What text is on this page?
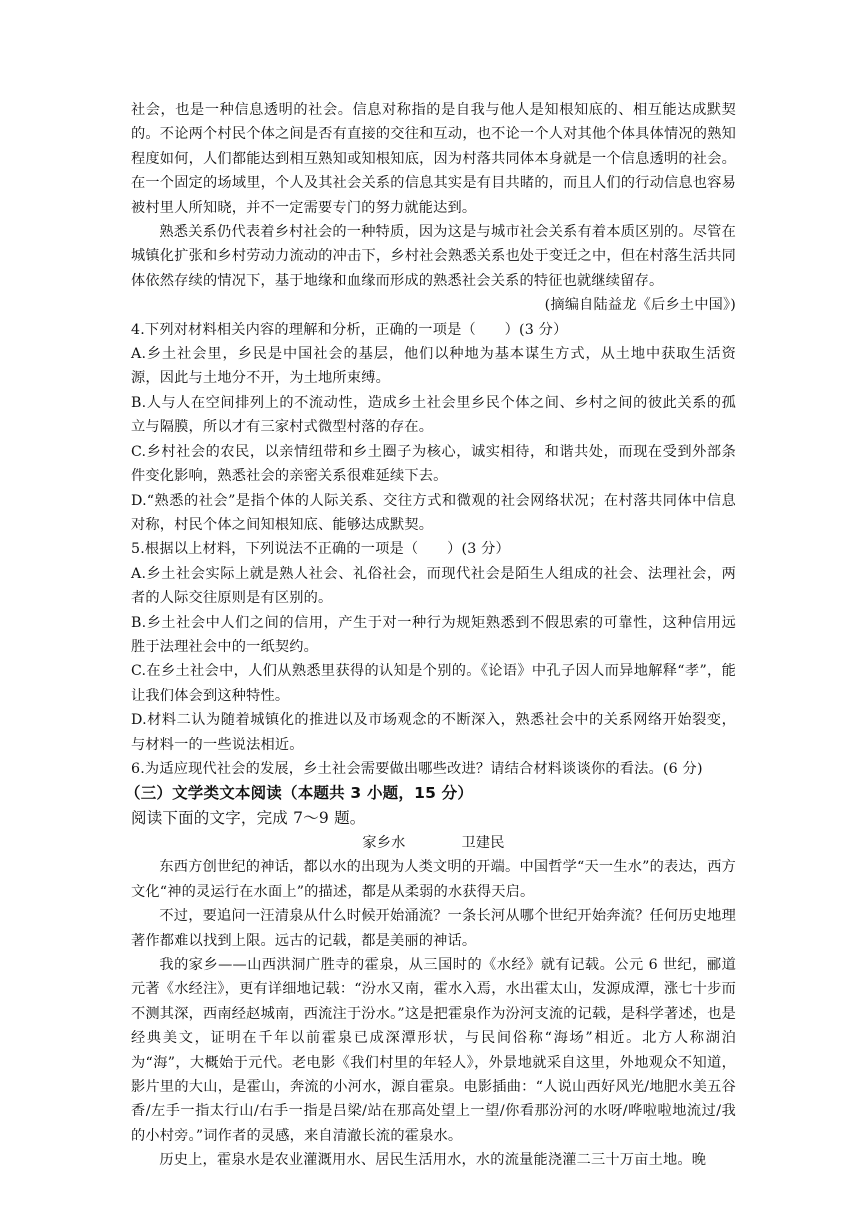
社会，也是一种信息透明的社会。信息对称指的是自我与他人是知根知底的、相互能达成默契的。不论两个村民个体之间是否有直接的交往和互动，也不论一个人对其他个体具体情况的熟知程度如何，人们都能达到相互熟知或知根知底，因为村落共同体本身就是一个信息透明的社会。在一个固定的场域里，个人及其社会关系的信息其实是有目共睹的，而且人们的行动信息也容易被村里人所知晓，并不一定需要专门的努力就能达到。

熟悉关系仍代表着乡村社会的一种特质，因为这是与城市社会关系有着本质区别的。尽管在城镇化扩张和乡村劳动力流动的冲击下，乡村社会熟悉关系也处于变迁之中，但在村落生活共同体依然存续的情况下，基于地缘和血缘而形成的熟悉社会关系的特征也就继续留存。
(摘编自陆益龙《后乡土中国》)

4.下列对材料相关内容的理解和分析，正确的一项是（　　）(3 分）

A.乡土社会里，乡民是中国社会的基层，他们以种地为基本谋生方式，从土地中获取生活资源，因此与土地分不开，为土地所束缚。

B.人与人在空间排列上的不流动性，造成乡土社会里乡民个体之间、乡村之间的彼此关系的孤立与隔膜，所以才有三家村式微型村落的存在。

C.乡村社会的农民，以亲情纽带和乡土圈子为核心，诚实相待，和谐共处，而现在受到外部条件变化影响，熟悉社会的亲密关系很难延续下去。

D.“熟悉的社会”是指个体的人际关系、交往方式和微观的社会网络状况；在村落共同体中信息对称，村民个体之间知根知底、能够达成默契。

5.根据以上材料，下列说法不正确的一项是（　　）(3 分）

A.乡土社会实际上就是熟人社会、礼俗社会，而现代社会是陌生人组成的社会、法理社会，两者的人际交往原则是有区别的。

B.乡土社会中人们之间的信用，产生于对一种行为规矩熟悉到不假思索的可靠性，这种信用远胜于法理社会中的一纸契约。

C.在乡土社会中，人们从熟悉里获得的认知是个别的。《论语》中孔子因人而异地解释“孝”，能让我们体会到这种特性。

D.材料二认为随着城镇化的推进以及市场观念的不断深入，熟悉社会中的关系网络开始裂变，与材料一的一些说法相近。

6.为适应现代社会的发展，乡土社会需要做出哪些改进？请结合材料谈谈你的看法。(6 分)

（三）文学类文本阅读（本题共 3 小题，15 分）

阅读下面的文字，完成 7～9 题。

家乡水	卫建民

东西方创世纪的神话，都以水的出现为人类文明的开端。中国哲学“天一生水”的表达，西方文化“神的灵运行在水面上”的描述，都是从柔弱的水获得天启。

不过，要追问一汪清泉从什么时候开始涌流？一条长河从哪个世纪开始奔流？任何历史地理著作都难以找到上限。远古的记载，都是美丽的神话。

我的家乡——山西洪洞广胜寺的霍泉，从三国时的《水经》就有记载。公元 6 世纪，郦道元著《水经注》，更有详细地记载：“汾水又南，霍水入焉，水出霍太山，发源成潭，涨七十步而不测其深，西南经赵城南，西流注于汾水。”这是把霍泉作为汾河支流的记载，是科学著述，也是经典美文，证明在千年以前霍泉已成深潭形状，与民间俗称“海场”相近。北方人称湖泊为“海”，大概始于元代。老电影《我们村里的年轻人》，外景地就采自这里，外地观众不知道，影片里的大山，是霍山，奔流的小河水，源自霍泉。电影插曲：“人说山西好风光/地肥水美五谷香/左手一指太行山/右手一指是吕梁/站在那高处望上一望/你看那汾河的水呀/哗啦啦地流过/我的小村旁。”词作者的灵感，来自清澈长流的霍泉水。

历史上，霍泉水是农业灌溉用水、居民生活用水，水的流量能浇灌二三十万亩土地。晚
